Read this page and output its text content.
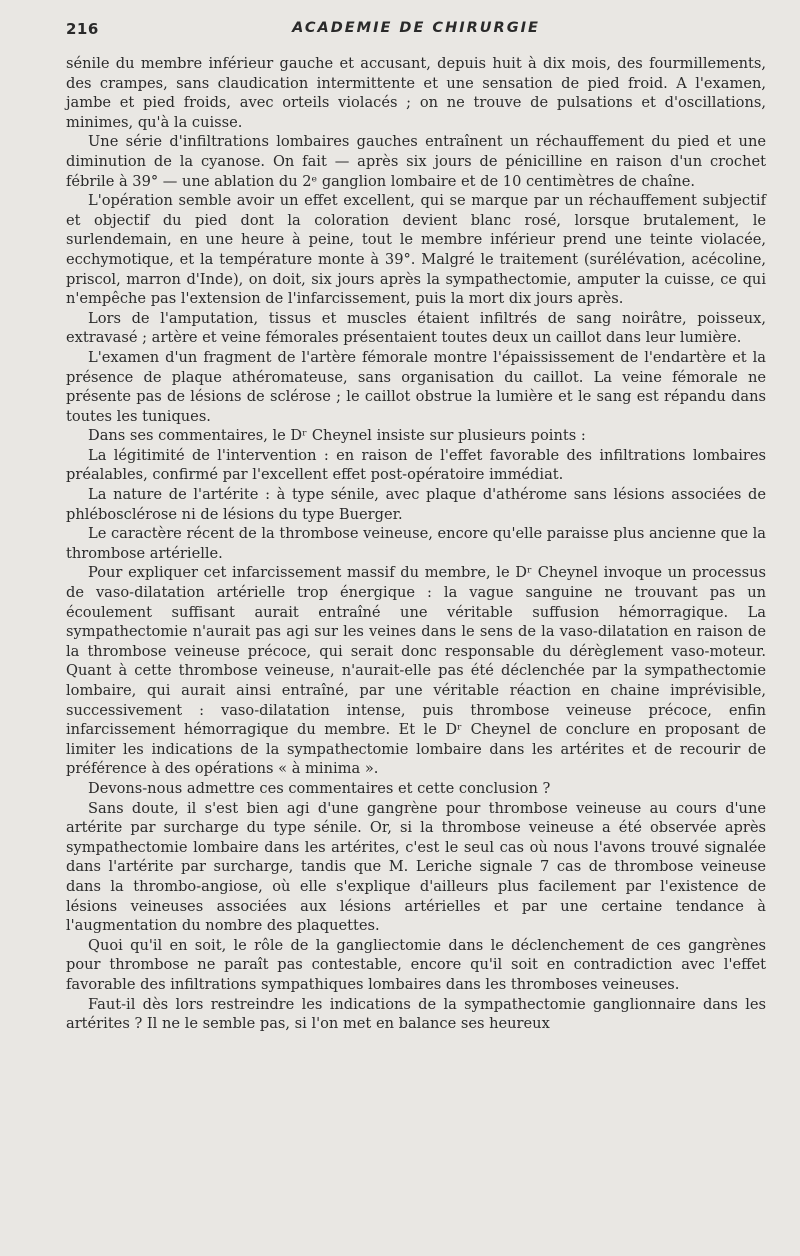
216	ACADEMIE DE CHIRURGIE

sénile du membre inférieur gauche et accusant, depuis huit à dix mois, des fourmillements, des crampes, sans claudication intermittente et une sensation de pied froid. A l'examen, jambe et pied froids, avec orteils violacés ; on ne trouve de pulsations et d'oscillations, minimes, qu'à la cuisse.

Une série d'infiltrations lombaires gauches entraînent un réchauffement du pied et une diminution de la cyanose. On fait — après six jours de pénicilline en raison d'un crochet fébrile à 39° — une ablation du 2ᵉ ganglion lombaire et de 10 centimètres de chaîne.

L'opération semble avoir un effet excellent, qui se marque par un réchauffement subjectif et objectif du pied dont la coloration devient blanc rosé, lorsque brutalement, le surlendemain, en une heure à peine, tout le membre inférieur prend une teinte violacée, ecchymotique, et la température monte à 39°. Malgré le traitement (surélévation, acécoline, priscol, marron d'Inde), on doit, six jours après la sympathectomie, amputer la cuisse, ce qui n'empêche pas l'extension de l'infarcissement, puis la mort dix jours après.

Lors de l'amputation, tissus et muscles étaient infiltrés de sang noirâtre, poisseux, extravasé ; artère et veine fémorales présentaient toutes deux un caillot dans leur lumière.

L'examen d'un fragment de l'artère fémorale montre l'épaississement de l'endartère et la présence de plaque athéromateuse, sans organisation du caillot. La veine fémorale ne présente pas de lésions de sclérose ; le caillot obstrue la lumière et le sang est répandu dans toutes les tuniques.

Dans ses commentaires, le Dʳ Cheynel insiste sur plusieurs points :

La légitimité de l'intervention : en raison de l'effet favorable des infiltrations lombaires préalables, confirmé par l'excellent effet post-opératoire immédiat.

La nature de l'artérite : à type sénile, avec plaque d'athérome sans lésions associées de phlébosclérose ni de lésions du type Buerger.

Le caractère récent de la thrombose veineuse, encore qu'elle paraisse plus ancienne que la thrombose artérielle.

Pour expliquer cet infarcissement massif du membre, le Dʳ Cheynel invoque un processus de vaso-dilatation artérielle trop énergique : la vague sanguine ne trouvant pas un écoulement suffisant aurait entraîné une véritable suffusion hémorragique. La sympathectomie n'aurait pas agi sur les veines dans le sens de la vaso-dilatation en raison de la thrombose veineuse précoce, qui serait donc responsable du dérèglement vaso-moteur. Quant à cette thrombose veineuse, n'aurait-elle pas été déclenchée par la sympathectomie lombaire, qui aurait ainsi entraîné, par une véritable réaction en chaine imprévisible, successivement : vaso-dilatation intense, puis thrombose veineuse précoce, enfin infarcissement hémorragique du membre. Et le Dʳ Cheynel de conclure en proposant de limiter les indications de la sympathectomie lombaire dans les artérites et de recourir de préférence à des opérations « à minima ».

Devons-nous admettre ces commentaires et cette conclusion ?

Sans doute, il s'est bien agi d'une gangrène pour thrombose veineuse au cours d'une artérite par surcharge du type sénile. Or, si la thrombose veineuse a été observée après sympathectomie lombaire dans les artérites, c'est le seul cas où nous l'avons trouvé signalée dans l'artérite par surcharge, tandis que M. Leriche signale 7 cas de thrombose veineuse dans la thrombo-angiose, où elle s'explique d'ailleurs plus facilement par l'existence de lésions veineuses associées aux lésions artérielles et par une certaine tendance à l'augmentation du nombre des plaquettes.

Quoi qu'il en soit, le rôle de la gangliectomie dans le déclenchement de ces gangrènes pour thrombose ne paraît pas contestable, encore qu'il soit en contradiction avec l'effet favorable des infiltrations sympathiques lombaires dans les thromboses veineuses.

Faut-il dès lors restreindre les indications de la sympathectomie ganglionnaire dans les artérites ? Il ne le semble pas, si l'on met en balance ses heureux
